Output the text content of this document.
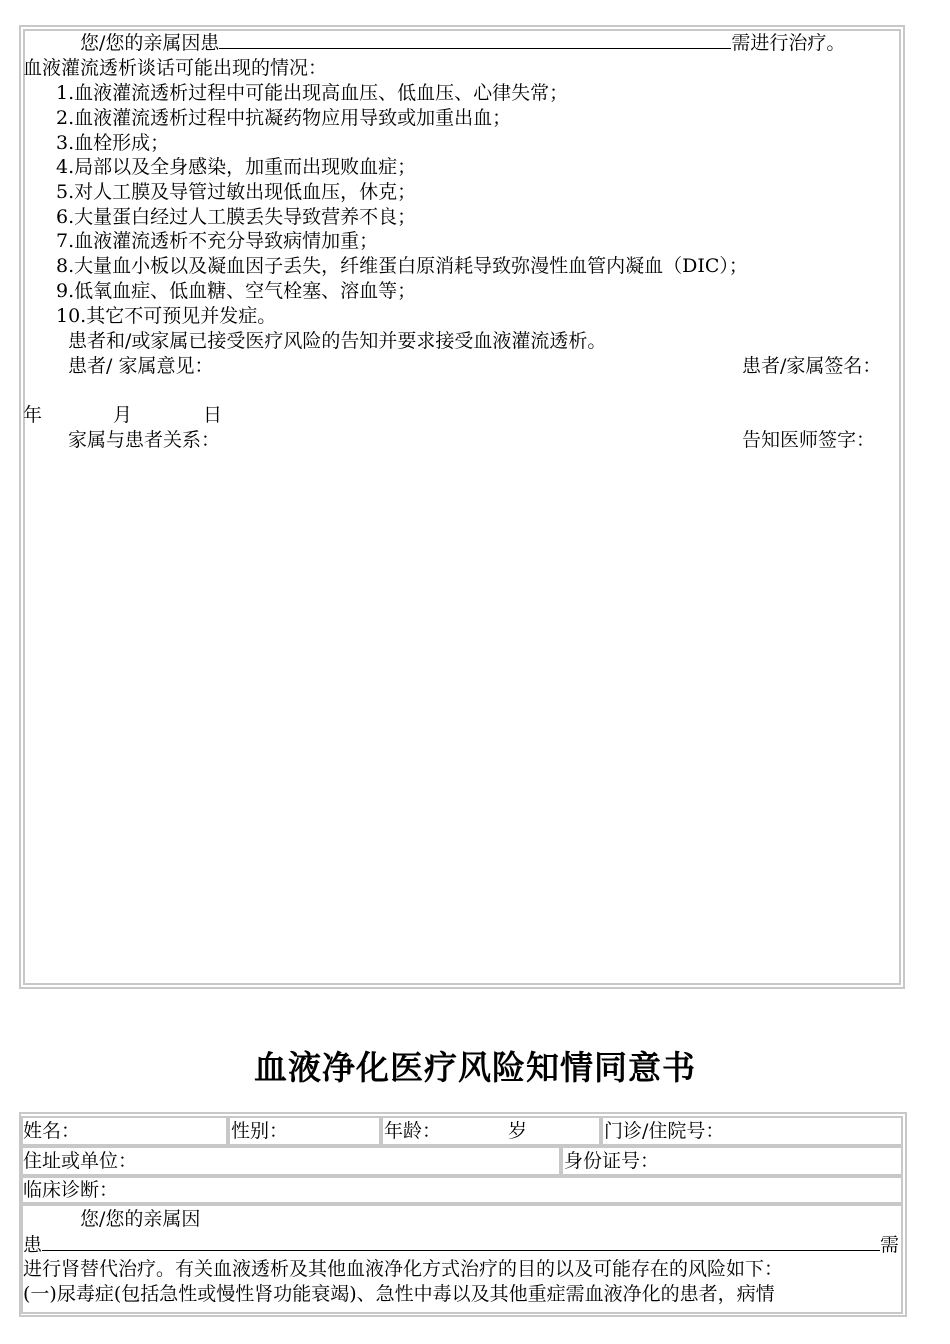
您/您的亲属因患	需进行治疗。
血液灌流透析谈话可能出现的情况：
1.血液灌流透析过程中可能出现高血压、低血压、心律失常；
2.血液灌流透析过程中抗凝药物应用导致或加重出血；
3.血栓形成；
4.局部以及全身感染，加重而出现败血症；
5.对人工膜及导管过敏出现低血压，休克；
6.大量蛋白经过人工膜丢失导致营养不良；
7.血液灌流透析不充分导致病情加重；
8.大量血小板以及凝血因子丢失，纤维蛋白原消耗导致弥漫性血管内凝血（DIC）；
9.低氧血症、低血糖、空气栓塞、溶血等；
10.其它不可预见并发症。
患者和/或家属已接受医疗风险的告知并要求接受血液灌流透析。
患者/ 家属意见：	患者/家属签名：
年	月	日
家属与患者关系：	告知医师签字：
血液净化医疗风险知情同意书
姓名：	性别：	年龄：	岁	门诊/住院号：
住址或单位：	身份证号：
临床诊断：
您/您的亲属因
患	需
进行肾替代治疗。有关血液透析及其他血液净化方式治疗的目的以及可能存在的风险如下：
(一)尿毒症(包括急性或慢性肾功能衰竭)、急性中毒以及其他重症需血液净化的患者，病情
